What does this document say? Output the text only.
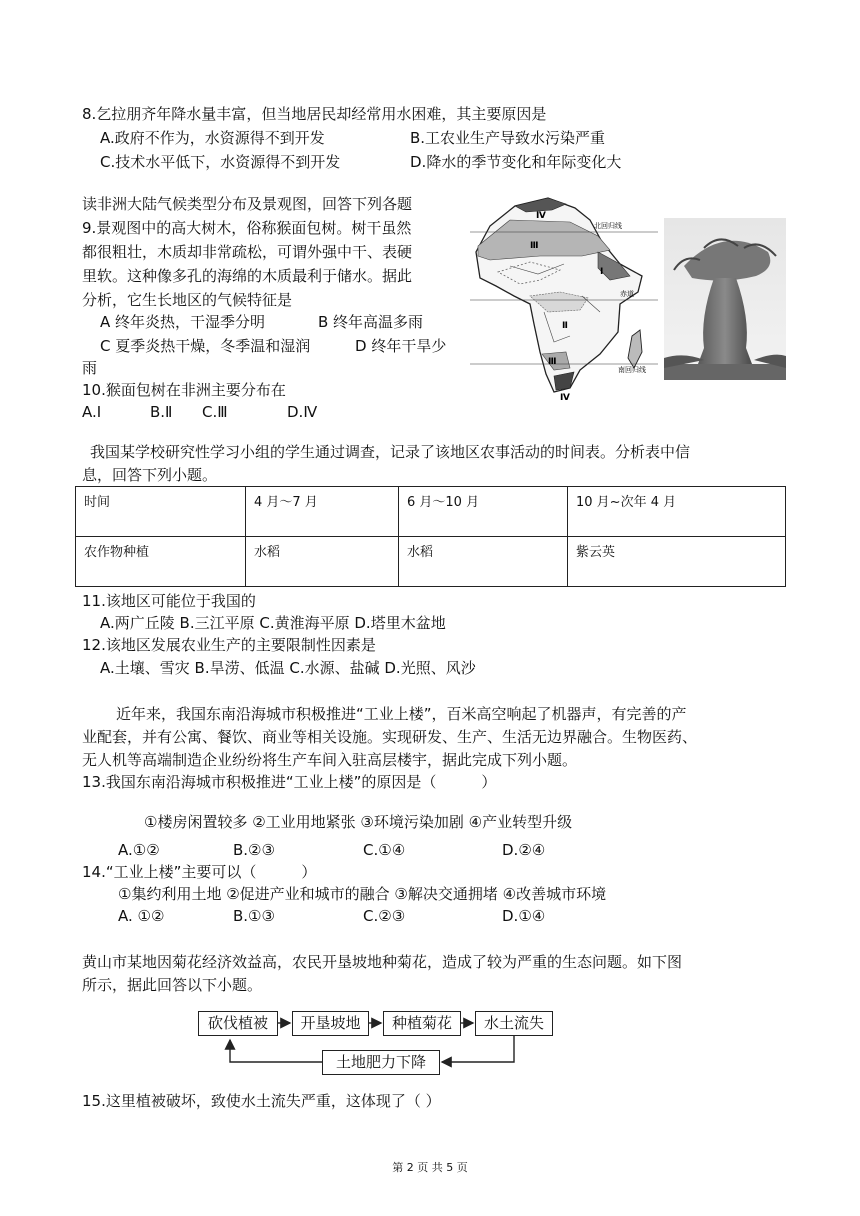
8.乞拉朋齐年降水量丰富，但当地居民却经常用水困难，其主要原因是
A.政府不作为，水资源得不到开发	B.工农业生产导致水污染严重
C.技术水平低下，水资源得不到开发	D.降水的季节变化和年际变化大
读非洲大陆气候类型分布及景观图，回答下列各题
9.景观图中的高大树木，俗称猴面包树。树干虽然
都很粗壮，木质却非常疏松，可谓外强中干、表硬
里软。这种像多孔的海绵的木质最利于储水。据此
分析，它生长地区的气候特征是
A 终年炎热，干湿季分明	B 终年高温多雨
C 夏季炎热干燥，冬季温和湿润	D 终年干旱少
雨
10.猴面包树在非洲主要分布在
A.Ⅰ	B.Ⅱ C.Ⅲ	D.Ⅳ
北回归线
赤道
南回归线
Ⅳ
Ⅲ
Ⅰ
Ⅱ
Ⅲ
Ⅳ
我国某学校研究性学习小组的学生通过调查，记录了该地区农事活动的时间表。分析表中信
息，回答下列小题。
时间	4 月～7 月	6 月～10 月	10 月~次年 4 月
农作物种植	水稻	水稻	紫云英
11.该地区可能位于我国的
A.两广丘陵 B.三江平原 C.黄淮海平原 D.塔里木盆地
12.该地区发展农业生产的主要限制性因素是
A.土壤、雪灾 B.旱涝、低温 C.水源、盐碱 D.光照、风沙
近年来，我国东南沿海城市积极推进“工业上楼”，百米高空响起了机器声，有完善的产
业配套，并有公寓、餐饮、商业等相关设施。实现研发、生产、生活无边界融合。生物医药、
无人机等高端制造企业纷纷将生产车间入驻高层楼宇，据此完成下列小题。
13.我国东南沿海城市积极推进“工业上楼”的原因是（　　　）
①楼房闲置较多 ②工业用地紧张 ③环境污染加剧 ④产业转型升级
A.①②	B.②③	C.①④	D.②④
14.“工业上楼”主要可以（　　　）
①集约利用土地 ②促进产业和城市的融合 ③解决交通拥堵 ④改善城市环境
A. ①②	B.①③	C.②③	D.①④
黄山市某地因菊花经济效益高，农民开垦坡地种菊花，造成了较为严重的生态问题。如下图
所示，据此回答以下小题。
砍伐植被	开垦坡地	种植菊花	水土流失
土地肥力下降
15.这里植被破坏，致使水土流失严重，这体现了（ ）
第 2 页 共 5 页
